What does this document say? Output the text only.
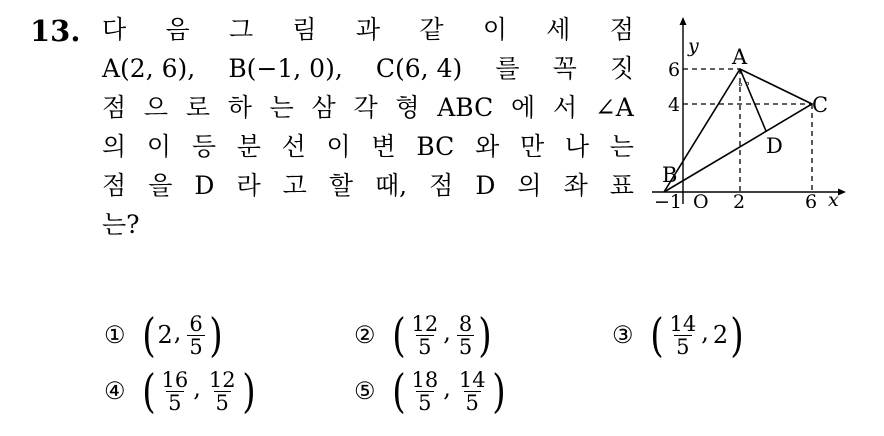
13. 다 음 그 림 과 같 이 세 점
A(2, 6), B(−1, 0), C(6, 4) 를 꼭 짓
점 으 로 하 는 삼 각 형 ABC 에 서 ∠A
의 이 등 분 선 이 변 BC 와 만 나 는
점 을 D 라 고 할 때, 점 D 의 좌 표
는?
∘ ∘
A
B
C
D
O
y
x
6
4
−1	2	6
① ( 2 , $\frac{6}{5}$ )	② ( $\frac{12}{5}$ , $\frac{8}{5}$ )	③ ( $\frac{14}{5}$ , 2 )
④ ( $\frac{16}{5}$ , $\frac{12}{5}$ )	⑤ ( $\frac{18}{5}$ , $\frac{14}{5}$ )
